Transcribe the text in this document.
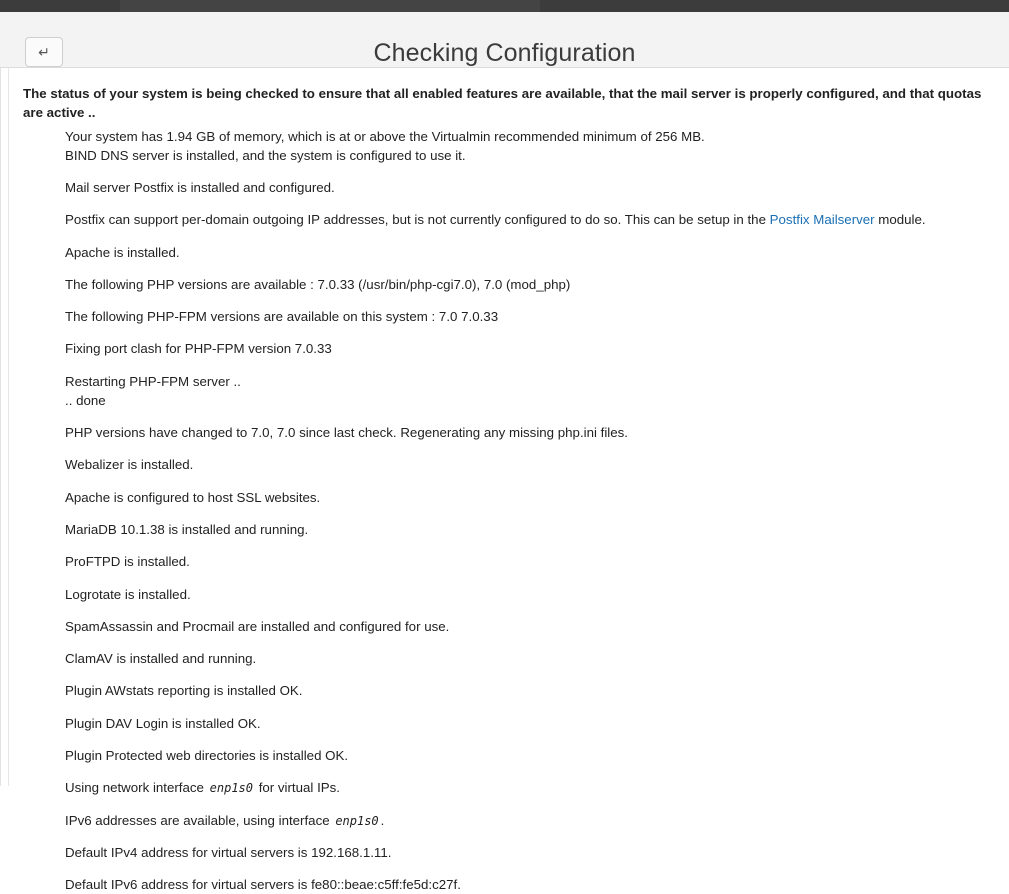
↵	Checking Configuration

The status of your system is being checked to ensure that all enabled features are available, that the mail server is properly configured, and that quotas are active ..

Your system has 1.94 GB of memory, which is at or above the Virtualmin recommended minimum of 256 MB.
BIND DNS server is installed, and the system is configured to use it.
Mail server Postfix is installed and configured.
Postfix can support per-domain outgoing IP addresses, but is not currently configured to do so. This can be setup in the Postfix Mailserver module.
Apache is installed.
The following PHP versions are available : 7.0.33 (/usr/bin/php-cgi7.0), 7.0 (mod_php)
The following PHP-FPM versions are available on this system : 7.0 7.0.33
Fixing port clash for PHP-FPM version 7.0.33
Restarting PHP-FPM server ..
.. done
PHP versions have changed to 7.0, 7.0 since last check. Regenerating any missing php.ini files.
Webalizer is installed.
Apache is configured to host SSL websites.
MariaDB 10.1.38 is installed and running.
ProFTPD is installed.
Logrotate is installed.
SpamAssassin and Procmail are installed and configured for use.
ClamAV is installed and running.
Plugin AWstats reporting is installed OK.
Plugin DAV Login is installed OK.
Plugin Protected web directories is installed OK.
Using network interface enp1s0 for virtual IPs.
IPv6 addresses are available, using interface enp1s0 .
Default IPv4 address for virtual servers is 192.168.1.11.
Default IPv6 address for virtual servers is fe80::beae:c5ff:fe5d:c27f.
